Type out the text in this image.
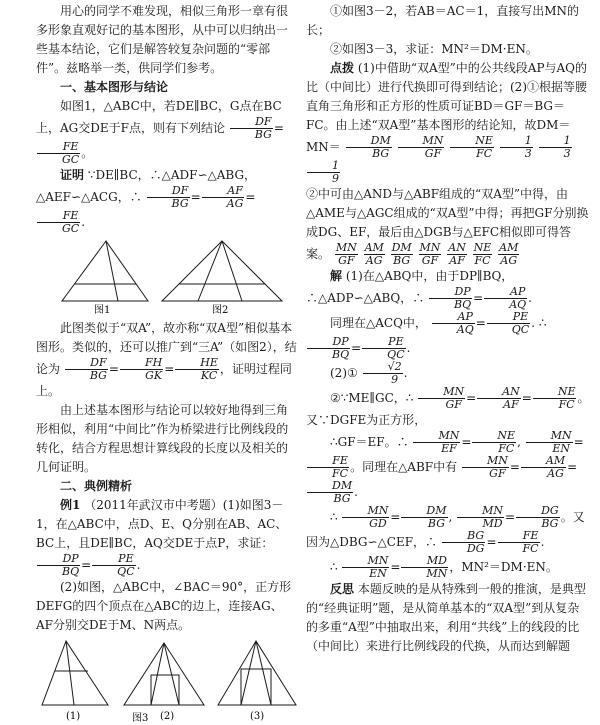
用心的同学不难发现，相似三角形一章有很多形象直观好记的基本图形，从中可以归纳出一些基本结论，它们是解答较复杂问题的“零部件”。兹略举一类，供同学们参考。

一、基本图形与结论

如图1，△ABC中，若DE∥BC，G点在BC上，AG交DE于F点，则有下列结论 $\frac{DF}{BG}$ =
$\frac{FE}{GC}$ 。

证明 ∵DE∥BC，∴△ADF∽△ABG，△AEF∽△ACG，∴ $\frac{DF}{BG} = \frac{AF}{AG}$ =
$\frac{FE}{GC}$ .

图1	图2

此图类似于“双A”，故亦称“双A型”相似基本图形。类似的，还可以推广到“三A”（如图2），结论为 $\frac{DF}{BG} = \frac{FH}{GK} = \frac{HE}{KC}$ ，证明过程同上。

由上述基本图形与结论可以较好地得到三角形相似，利用“中间比”作为桥梁进行比例线段的转化，结合方程思想计算线段的长度以及相关的几何证明。

二、典例精析

例1 （2011年武汉市中考题）(1)如图3－1，在△ABC中，点D、E、Q分别在AB、AC、BC上，且DE∥BC，AQ交DE于点P，求证：
$\frac{DP}{BQ} = \frac{PE}{QC}$ .

(2)如图，△ABC中，∠BAC＝90°，正方形DEFG的四个顶点在△ABC的边上，连接AG、AF分别交DE于M、N两点。

(1)	图3 (2)	(3)

①如图3－2，若AB＝AC＝1，直接写出MN的长；

②如图3－3，求证：MN²＝DM·EN。

点拨 (1)中借助“双A型”中的公共线段AP与AQ的比（中间比）进行代换即可得到结论；(2)①根据等腰直角三角形和正方形的性质可证BD＝GF＝BG＝FC。由上述“双A型”基本图形的结论知，故$DM=MN= \frac{DM}{BG}$
$\frac{MN}{GF}$
$\frac{NE}{FC}$
$\frac{1}{3}$
$\frac{1}{3}$

$\frac{1}{9}$

②中可由△AND与△ABF组成的“双A型”中得，由△AME与△AGC组成的“双A型”中得；再把GF分别换成DG、EF，最后由△DGB与△EFC相似即可得答案。 $\frac{MN}{GF}$
$\frac{AM}{AG}$
$\frac{DM}{BG}$
$\frac{MN}{GF}$
$\frac{AN}{AF}$
$\frac{NE}{FC}$
$\frac{AM}{AG}$

解 (1)在△ABQ中，由于DP∥BQ，∴△ADP∽△ABQ，∴ $\frac{DP}{BQ} = \frac{AP}{AQ}$ .

同理在△ACQ中， $\frac{AP}{AQ} = \frac{PE}{QC}$ . ∴
$\frac{DP}{BQ} = \frac{PE}{QC}$ .

(2)① $\frac{√2}{9}$ .

②∵ME∥GC，∴ $\frac{MN}{GF} = \frac{AN}{AF} = \frac{NE}{FC}$ 。又∵DGFE为正方形，

∴GF＝EF。∴ $\frac{MN}{EF} = \frac{NE}{FC}$ , $\frac{MN}{EN}$ =
$\frac{FE}{FC}$ 。同理在△ABF中有 $\frac{MN}{GF} = \frac{AM}{AG}$ =
$\frac{DM}{BG}$ .

∴ $\frac{MN}{GD} = \frac{DM}{BG}$ , $\frac{MN}{MD} = \frac{DG}{BG}$ 。又因为△DBG∽△CEF，∴ $\frac{BG}{DG} = \frac{FE}{FC}$ .

∴ $\frac{MN}{EN} = \frac{MD}{MN}$ ，MN²＝DM·EN。

反思 本题反映的是从特殊到一般的推演，是典型的“经典证明”题，是从简单基本的“双A型”到从复杂的多重“A型”中抽取出来，利用“共线”上的线段的比（中间比）来进行比例线段的代换，从而达到解题
